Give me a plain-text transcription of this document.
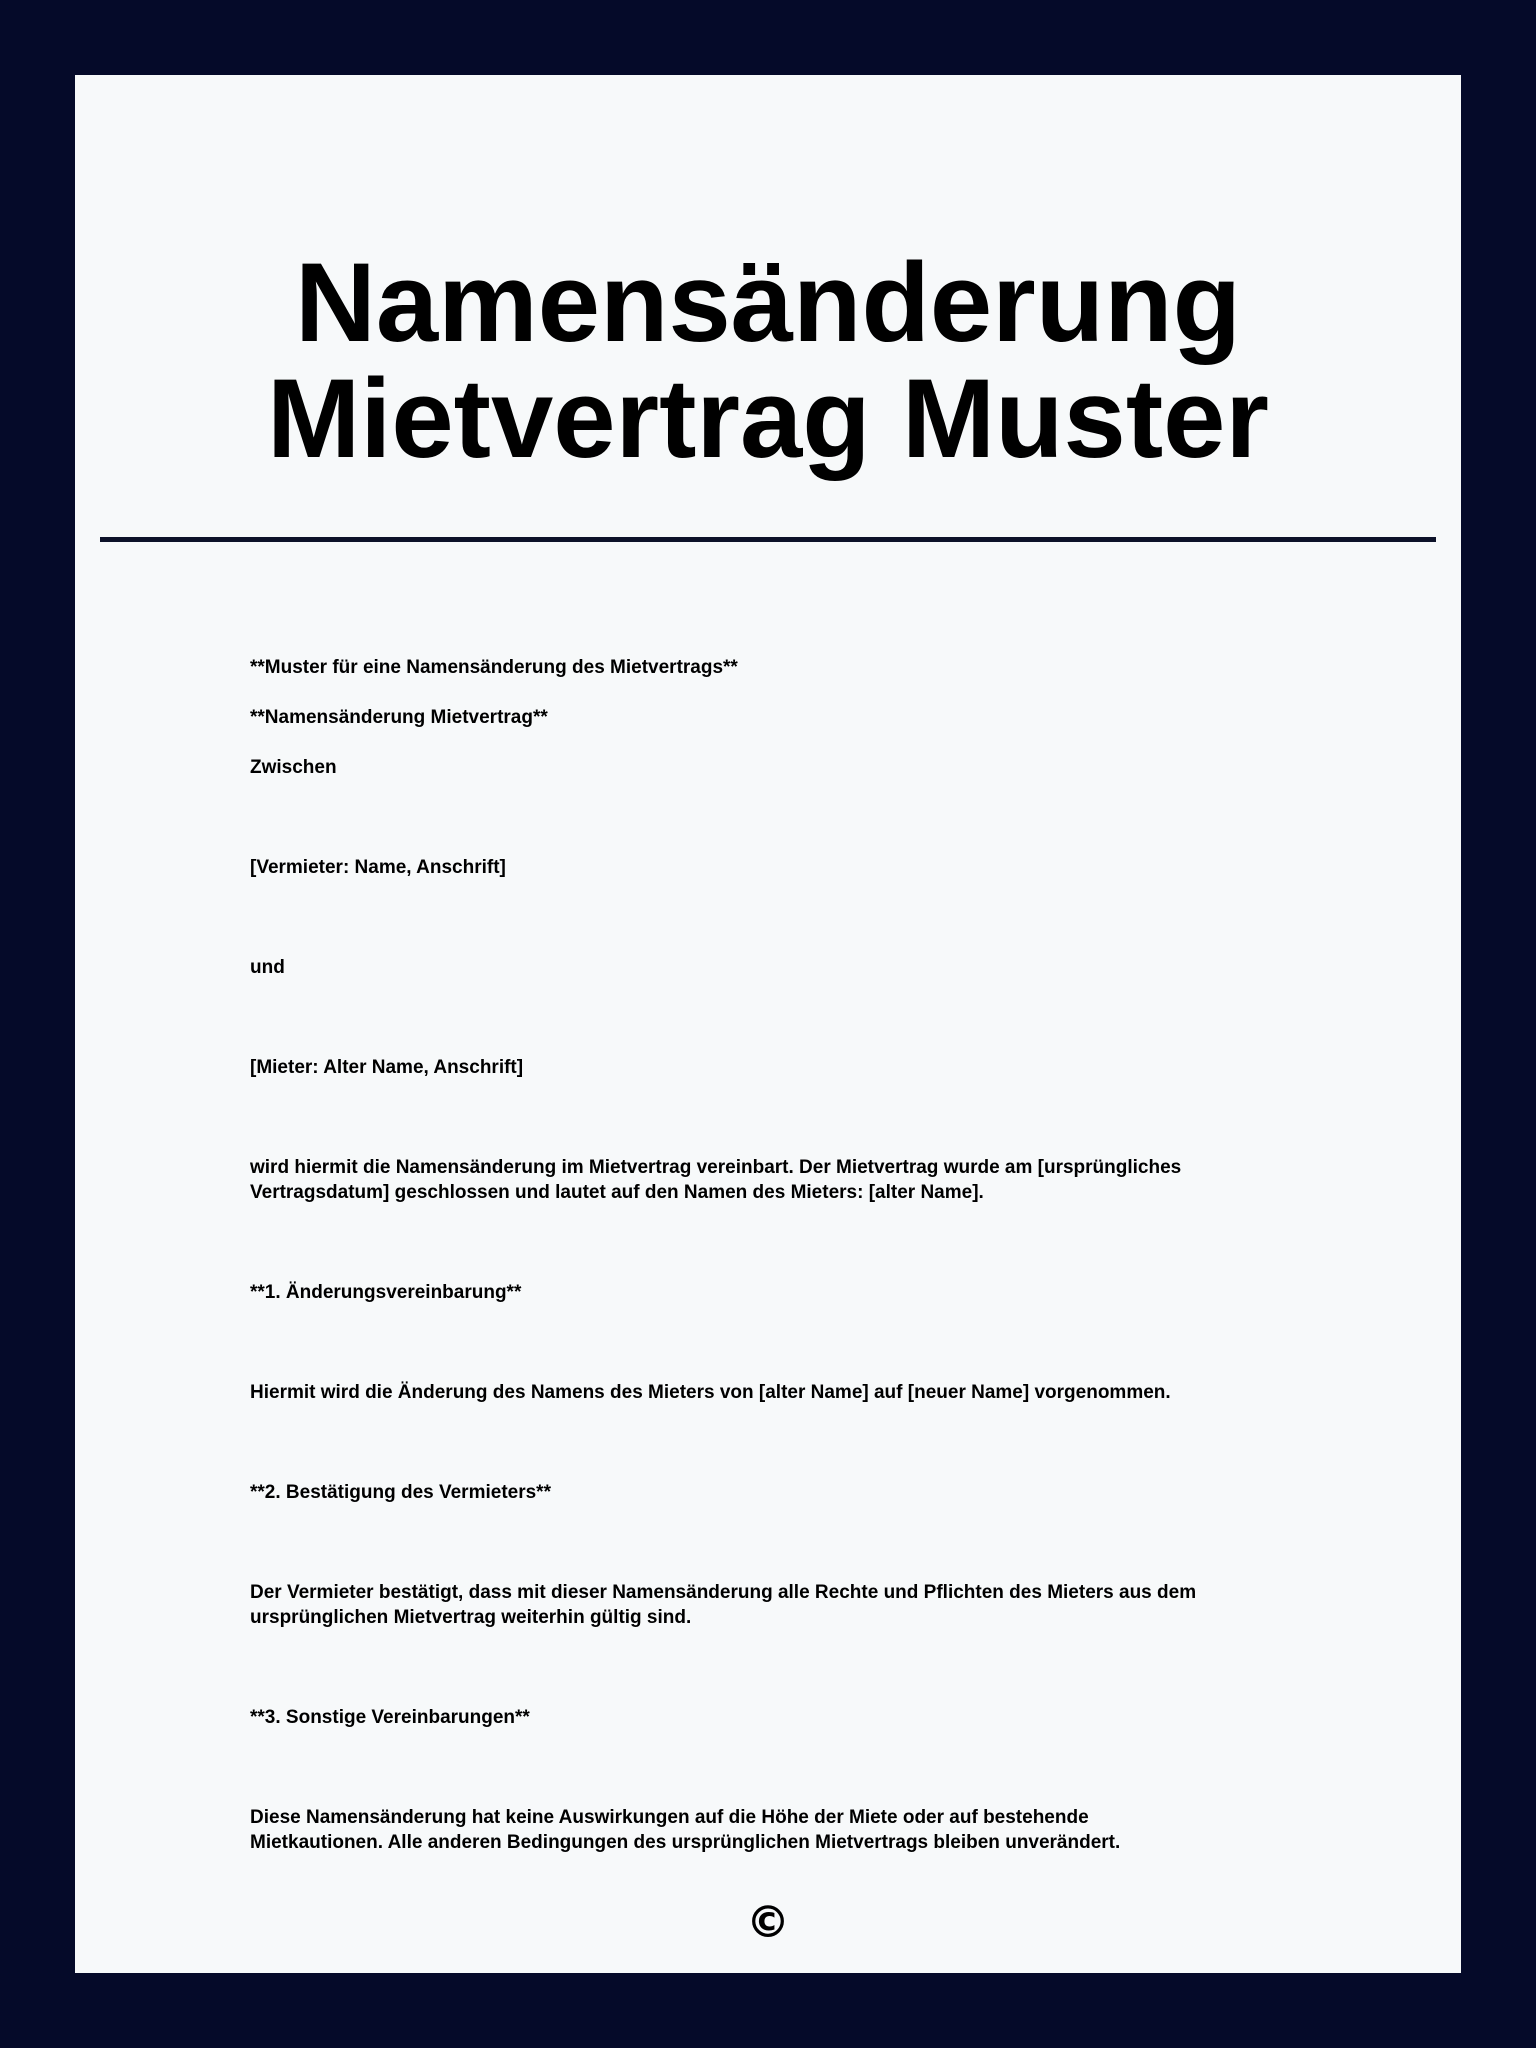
Namensänderung
Mietvertrag Muster

**Muster für eine Namensänderung des Mietvertrags**

**Namensänderung Mietvertrag**

Zwischen

[Vermieter: Name, Anschrift]

und

[Mieter: Alter Name, Anschrift]

wird hiermit die Namensänderung im Mietvertrag vereinbart. Der Mietvertrag wurde am [ursprüngliches Vertragsdatum] geschlossen und lautet auf den Namen des Mieters: [alter Name].

**1. Änderungsvereinbarung**

Hiermit wird die Änderung des Namens des Mieters von [alter Name] auf [neuer Name] vorgenommen.

**2. Bestätigung des Vermieters**

Der Vermieter bestätigt, dass mit dieser Namensänderung alle Rechte und Pflichten des Mieters aus dem ursprünglichen Mietvertrag weiterhin gültig sind.

**3. Sonstige Vereinbarungen**

Diese Namensänderung hat keine Auswirkungen auf die Höhe der Miete oder auf bestehende Mietkautionen. Alle anderen Bedingungen des ursprünglichen Mietvertrags bleiben unverändert.

©
